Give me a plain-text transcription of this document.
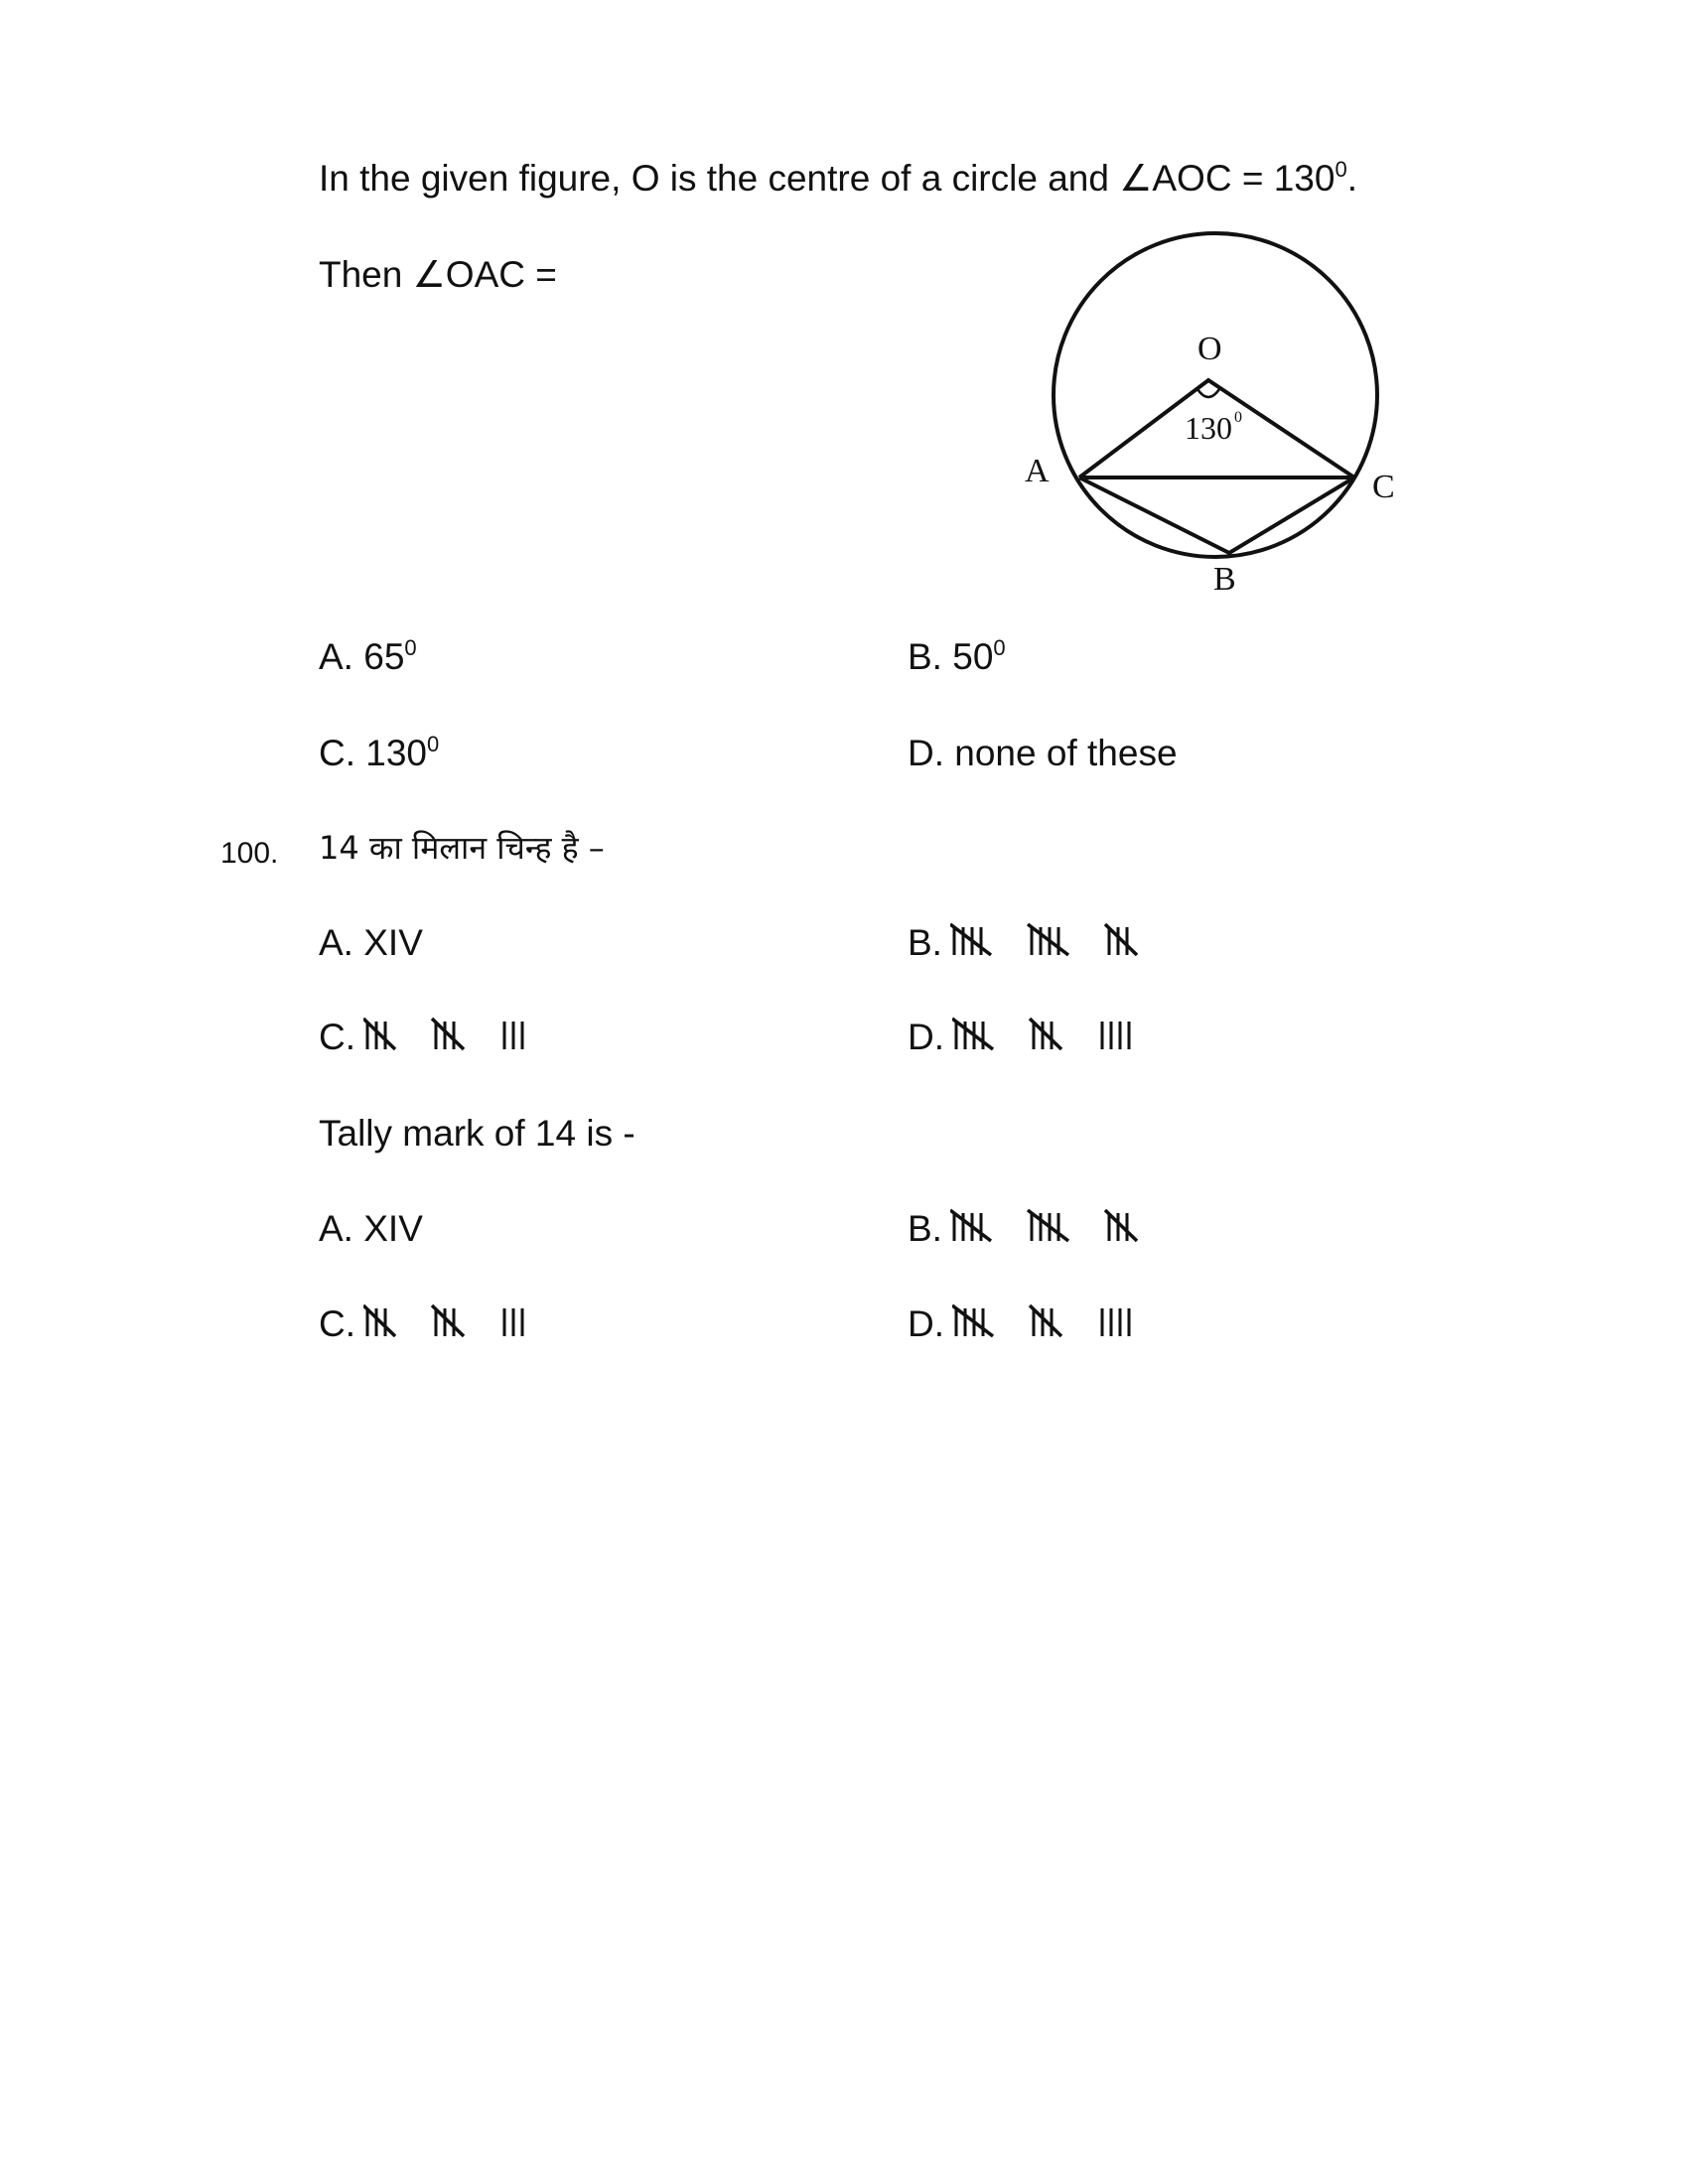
In the given figure, O is the centre of a circle and ∠AOC = $130^0$.
Then ∠OAC =
O
A	C
B
130 0
A. $65^0$	B. $50^0$
C. $130^0$	D. none of these
100. 14 का मिलान चिन्ह है –
A. XIV	B.
C.	D.
Tally mark of 14 is -
A. XIV	B.
C.	D.
